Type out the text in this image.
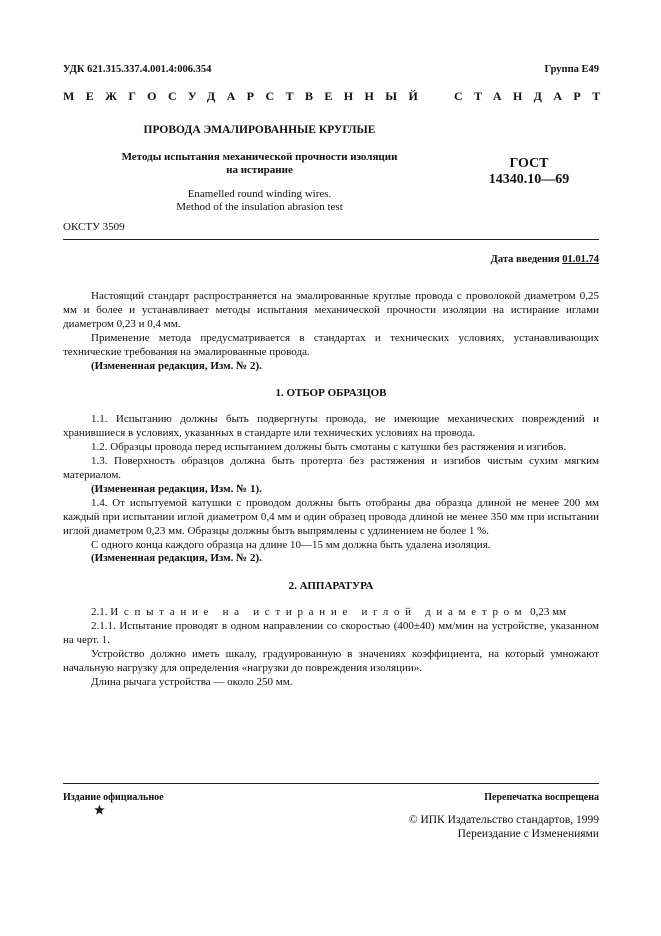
УДК 621.315.337.4.001.4:006.354	Группа Е49
МЕЖГОСУДАРСТВЕННЫЙ СТАНДАРТ
ПРОВОДА ЭМАЛИРОВАННЫЕ КРУГЛЫЕ
Методы испытания механической прочности изоляции
на истирание	ГОСТ
14340.10—69
Enamelled round winding wires.
Method of the insulation abrasion test
ОКСТУ 3509
Дата введения 01.01.74

Настоящий стандарт распространяется на эмалированные круглые провода с проволокой диаметром 0,25 мм и более и устанавливает методы испытания механической прочности изоляции на истирание иглами диаметром 0,23 и 0,4 мм.

Применение метода предусматривается в стандартах и технических условиях, устанавливающих технические требования на эмалированные провода.

(Измененная редакция, Изм. № 2).

1. ОТБОР ОБРАЗЦОВ

1.1. Испытанию должны быть подвергнуты провода, не имеющие механических повреждений и хранившиеся в условиях, указанных в стандарте или технических условиях на провода.

1.2. Образцы провода перед испытанием должны быть смотаны с катушки без растяжения и изгибов.

1.3. Поверхность образцов должна быть протерта без растяжения и изгибов чистым сухим мягким материалом.

(Измененная редакция, Изм. № 1).

1.4. От испытуемой катушки с проводом должны быть отобраны два образца длиной не менее 200 мм каждый при испытании иглой диаметром 0,4 мм и один образец провода длиной не менее 350 мм при испытании иглой диаметром 0,23 мм. Образцы должны быть выпрямлены с удлинением не более 1 %.

С одного конца каждого образца на длине 10—15 мм должна быть удалена изоляция.

(Измененная редакция, Изм. № 2).

2. АППАРАТУРА

2.1. Испытание на истирание иглой диаметром 0,23 мм

2.1.1. Испытание проводят в одном направлении со скоростью (400±40) мм/мин на устройстве, указанном на черт. 1.

Устройство должно иметь шкалу, градуированную в значениях коэффициента, на который умножают начальную нагрузку для определения «нагрузки до повреждения изоляции».

Длина рычага устройства — около 250 мм.

Издание официальное
★
Перепечатка воспрещена
© ИПК Издательство стандартов, 1999
Переиздание с Изменениями
